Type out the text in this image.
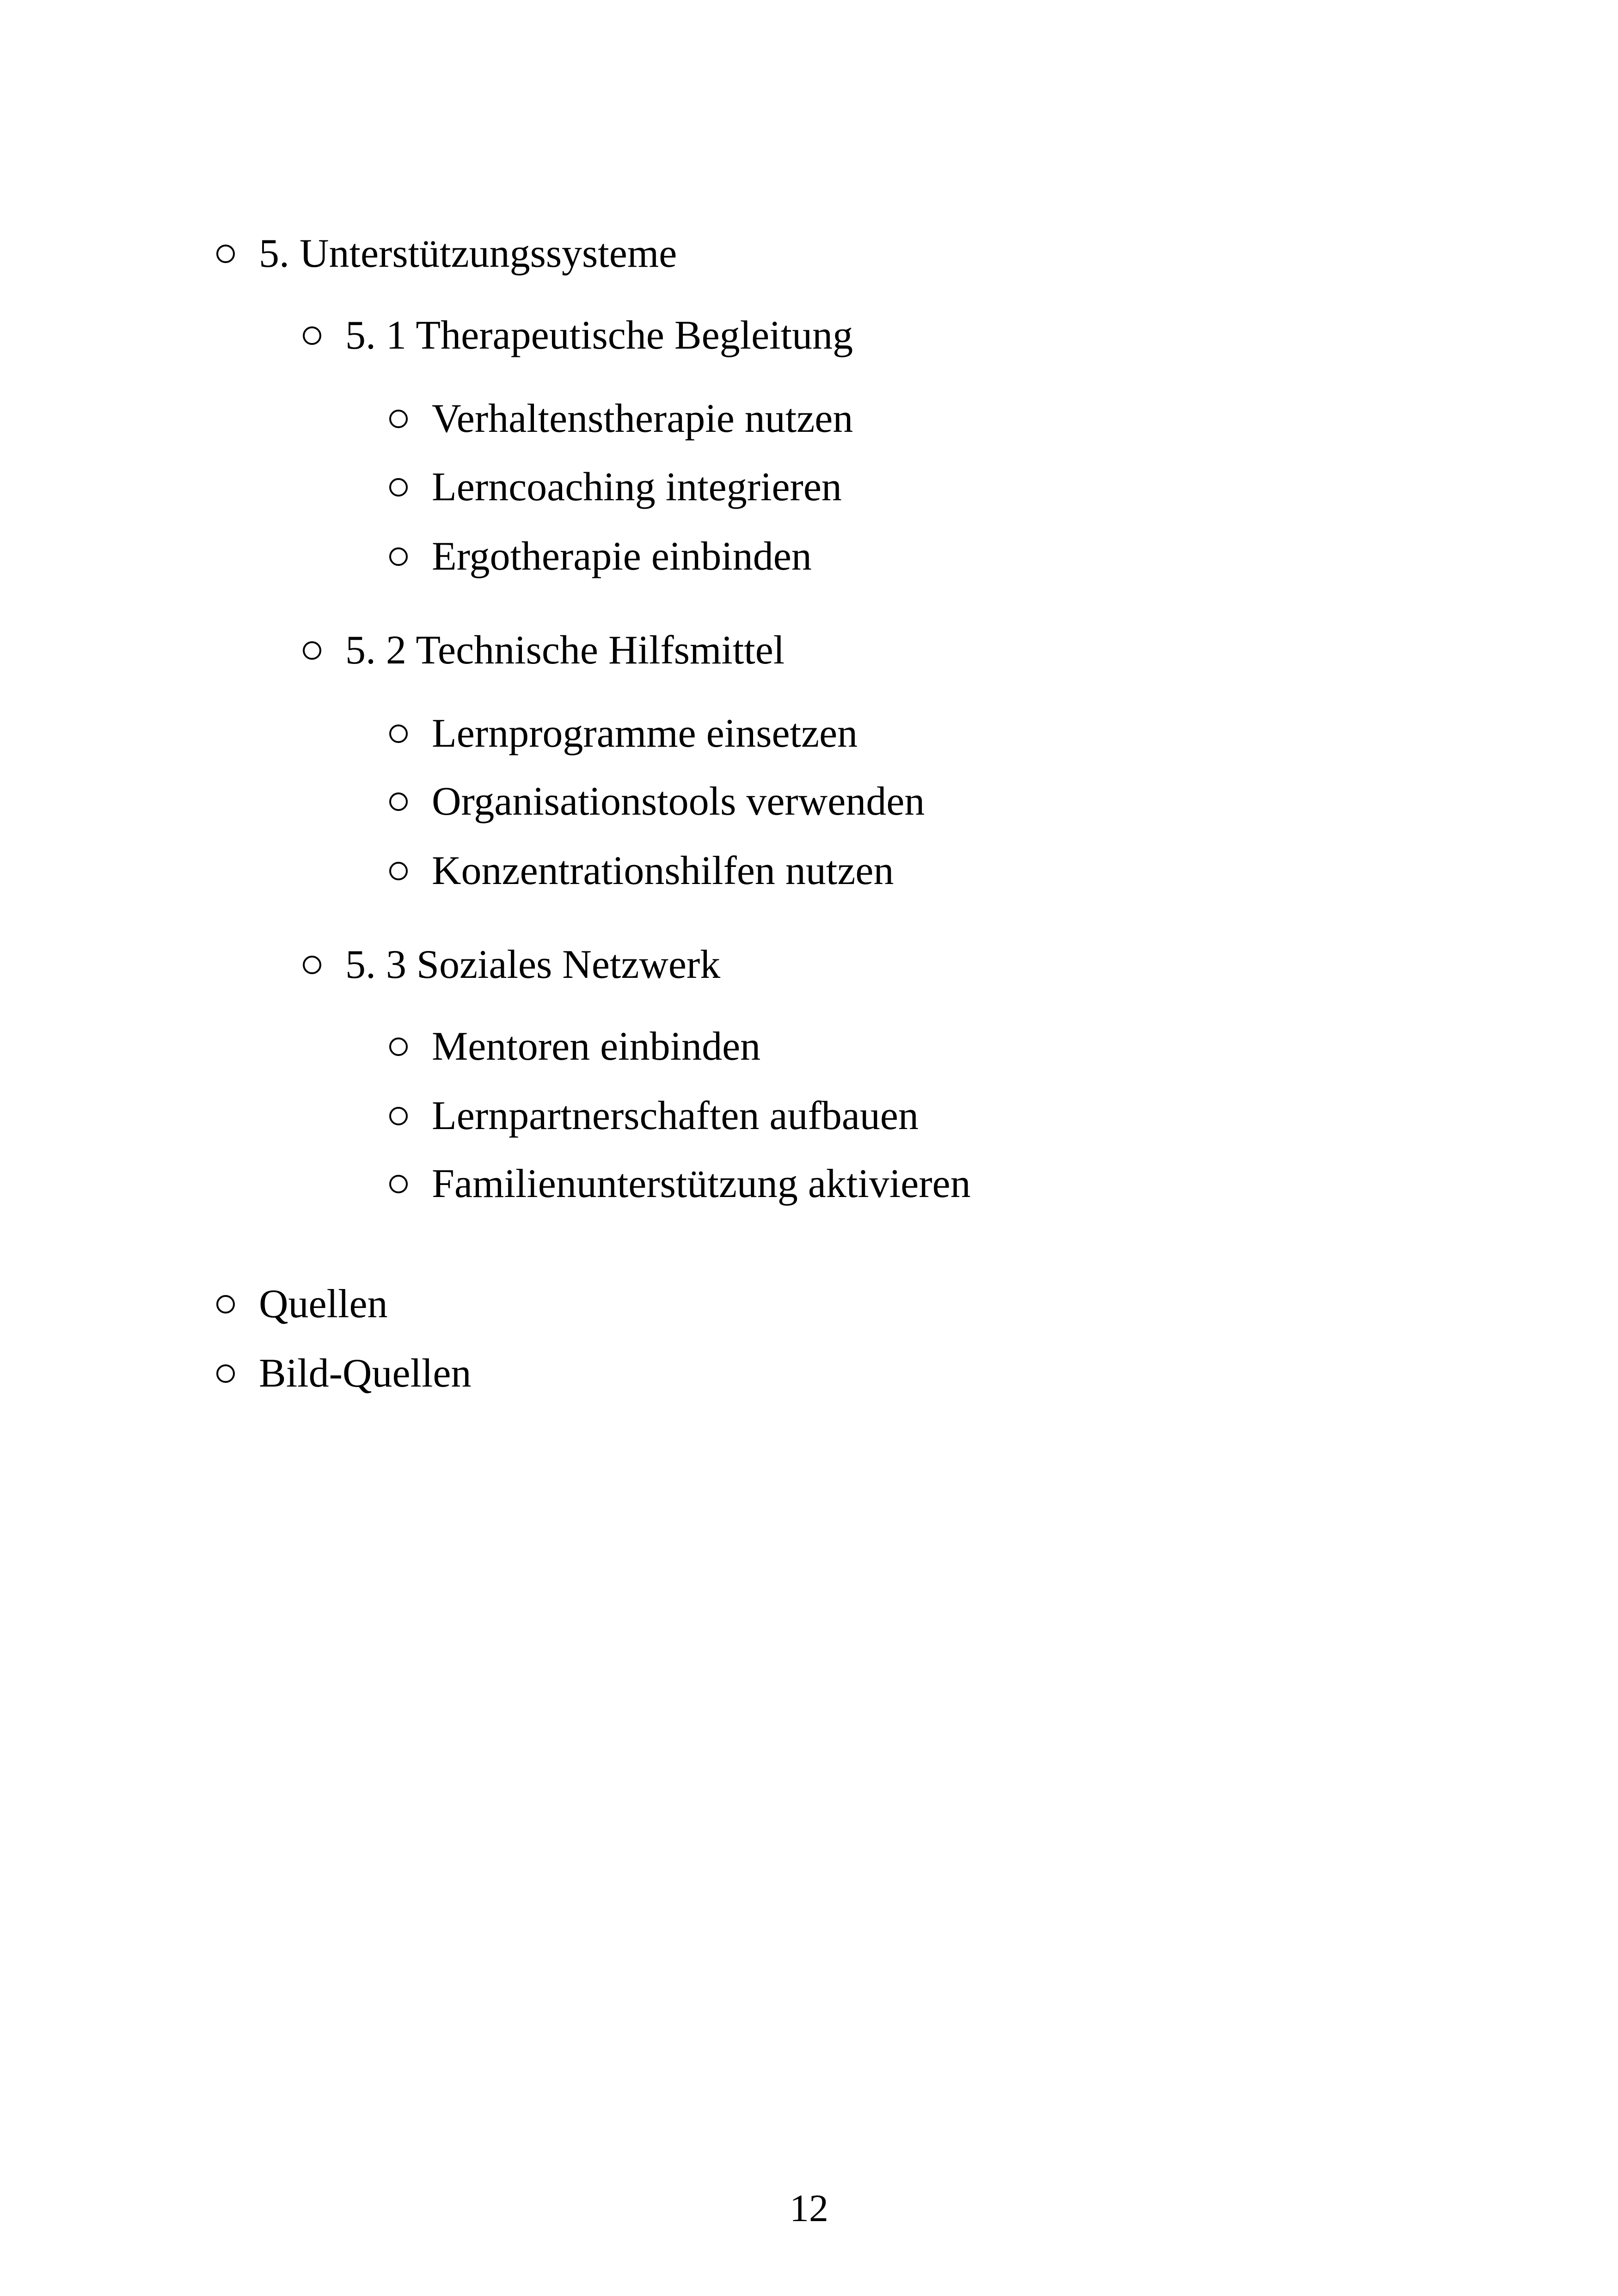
5. Unterstützungssysteme
5. 1 Therapeutische Begleitung
Verhaltenstherapie nutzen
Lerncoaching integrieren
Ergotherapie einbinden
5. 2 Technische Hilfsmittel
Lernprogramme einsetzen
Organisationstools verwenden
Konzentrationshilfen nutzen
5. 3 Soziales Netzwerk
Mentoren einbinden
Lernpartnerschaften aufbauen
Familienunterstützung aktivieren
Quellen
Bild-Quellen
12
